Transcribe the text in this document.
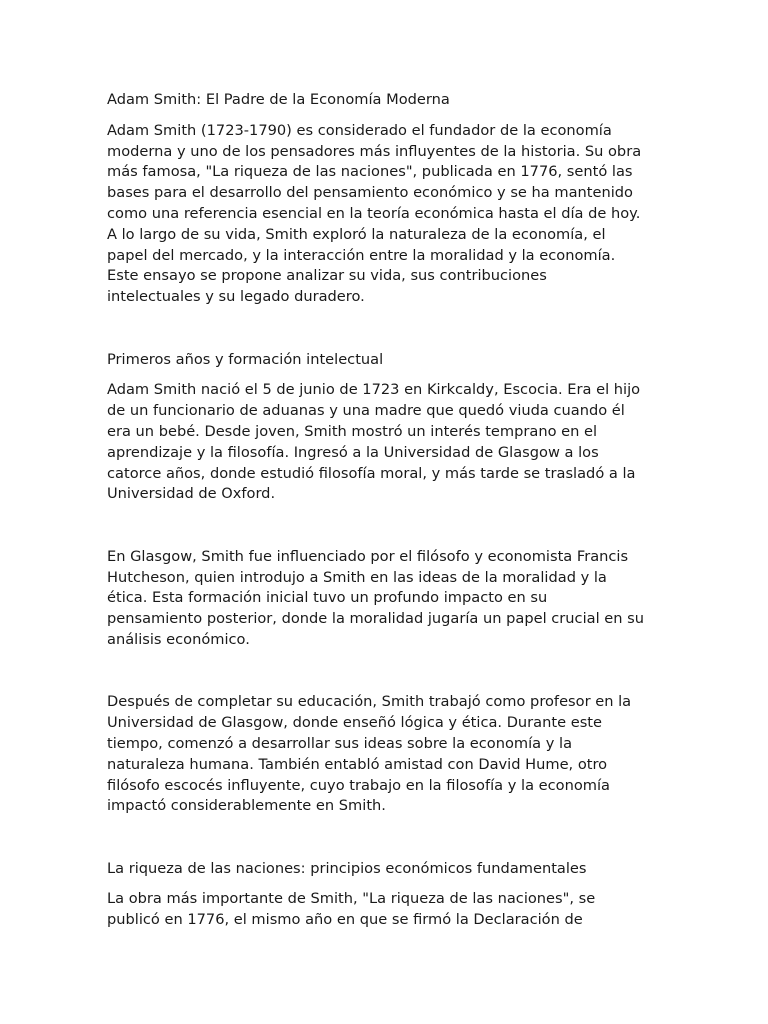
Adam Smith: El Padre de la Economía Moderna
Adam Smith (1723-1790) es considerado el fundador de la economía
moderna y uno de los pensadores más influyentes de la historia. Su obra
más famosa, "La riqueza de las naciones", publicada en 1776, sentó las
bases para el desarrollo del pensamiento económico y se ha mantenido
como una referencia esencial en la teoría económica hasta el día de hoy.
A lo largo de su vida, Smith exploró la naturaleza de la economía, el
papel del mercado, y la interacción entre la moralidad y la economía.
Este ensayo se propone analizar su vida, sus contribuciones
intelectuales y su legado duradero.
Primeros años y formación intelectual
Adam Smith nació el 5 de junio de 1723 en Kirkcaldy, Escocia. Era el hijo
de un funcionario de aduanas y una madre que quedó viuda cuando él
era un bebé. Desde joven, Smith mostró un interés temprano en el
aprendizaje y la filosofía. Ingresó a la Universidad de Glasgow a los
catorce años, donde estudió filosofía moral, y más tarde se trasladó a la
Universidad de Oxford.
En Glasgow, Smith fue influenciado por el filósofo y economista Francis
Hutcheson, quien introdujo a Smith en las ideas de la moralidad y la
ética. Esta formación inicial tuvo un profundo impacto en su
pensamiento posterior, donde la moralidad jugaría un papel crucial en su
análisis económico.
Después de completar su educación, Smith trabajó como profesor en la
Universidad de Glasgow, donde enseñó lógica y ética. Durante este
tiempo, comenzó a desarrollar sus ideas sobre la economía y la
naturaleza humana. También entabló amistad con David Hume, otro
filósofo escocés influyente, cuyo trabajo en la filosofía y la economía
impactó considerablemente en Smith.
La riqueza de las naciones: principios económicos fundamentales
La obra más importante de Smith, "La riqueza de las naciones", se
publicó en 1776, el mismo año en que se firmó la Declaración de
